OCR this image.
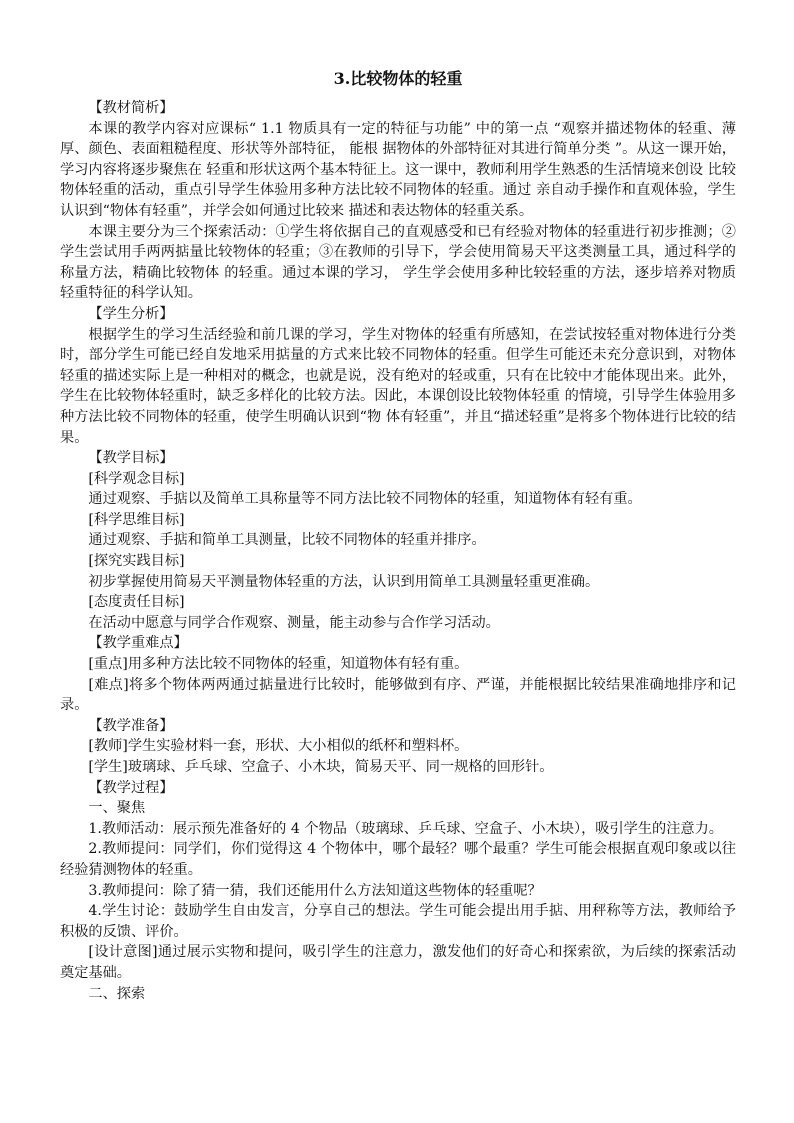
3.比较物体的轻重

【教材简析】

本课的教学内容对应课标“ 1.1 物质具有一定的特征与功能” 中的第一点 “观察并描述物体的轻重、薄厚、颜色、表面粗糙程度、形状等外部特征， 能根 据物体的外部特征对其进行简单分类 ”。从这一课开始，学习内容将逐步聚焦在 轻重和形状这两个基本特征上。这一课中，教师利用学生熟悉的生活情境来创设 比较物体轻重的活动，重点引导学生体验用多种方法比较不同物体的轻重。通过 亲自动手操作和直观体验，学生认识到“物体有轻重”，并学会如何通过比较来 描述和表达物体的轻重关系。

本课主要分为三个探索活动：①学生将依据自己的直观感受和已有经验对物体的轻重进行初步推测；②学生尝试用手两两掂量比较物体的轻重；③在教师的引导下，学会使用简易天平这类测量工具，通过科学的称量方法，精确比较物体 的轻重。通过本课的学习， 学生学会使用多种比较轻重的方法，逐步培养对物质 轻重特征的科学认知。

【学生分析】

根据学生的学习生活经验和前几课的学习，学生对物体的轻重有所感知，在尝试按轻重对物体进行分类时，部分学生可能已经自发地采用掂量的方式来比较不同物体的轻重。但学生可能还未充分意识到，对物体轻重的描述实际上是一种相对的概念，也就是说，没有绝对的轻或重，只有在比较中才能体现出来。此外，学生在比较物体轻重时，缺乏多样化的比较方法。因此，本课创设比较物体轻重 的情境，引导学生体验用多种方法比较不同物体的轻重，使学生明确认识到“物 体有轻重”，并且“描述轻重”是将多个物体进行比较的结果。

【教学目标】

[科学观念目标]

通过观察、手掂以及简单工具称量等不同方法比较不同物体的轻重，知道物体有轻有重。

[科学思维目标]

通过观察、手掂和简单工具测量，比较不同物体的轻重并排序。

[探究实践目标]

初步掌握使用简易天平测量物体轻重的方法，认识到用简单工具测量轻重更准确。

[态度责任目标]

在活动中愿意与同学合作观察、测量，能主动参与合作学习活动。

【教学重难点】

[重点]用多种方法比较不同物体的轻重，知道物体有轻有重。

[难点]将多个物体两两通过掂量进行比较时，能够做到有序、严谨，并能根据比较结果准确地排序和记录。

【教学准备】

[教师]学生实验材料一套，形状、大小相似的纸杯和塑料杯。

[学生]玻璃球、乒乓球、空盒子、小木块，简易天平、同一规格的回形针。

【教学过程】

一、聚焦

1.教师活动：展示预先准备好的 4 个物品（玻璃球、乒乓球、空盒子、小木块），吸引学生的注意力。

2.教师提问：同学们，你们觉得这 4 个物体中，哪个最轻？哪个最重？学生可能会根据直观印象或以往经验猜测物体的轻重。

3.教师提问：除了猜一猜，我们还能用什么方法知道这些物体的轻重呢？

4.学生讨论：鼓励学生自由发言，分享自己的想法。学生可能会提出用手掂、用秤称等方法，教师给予积极的反馈、评价。

[设计意图]通过展示实物和提问，吸引学生的注意力，激发他们的好奇心和探索欲，为后续的探索活动奠定基础。

二、探索
